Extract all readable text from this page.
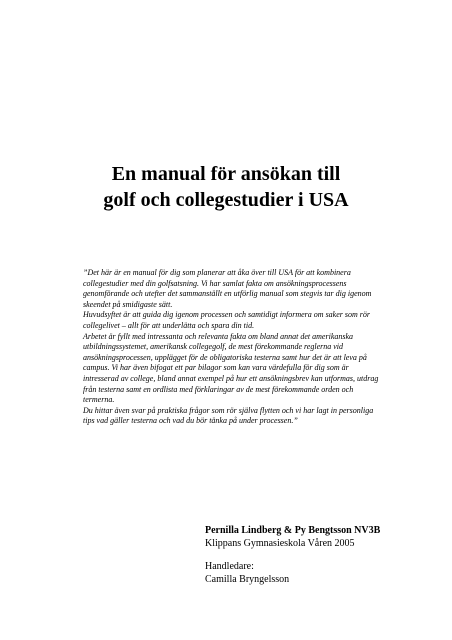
En manual för ansökan till
golf och collegestudier i USA

”Det här är en manual för dig som planerar att åka över till USA för att kombinera

collegestudier med din golfsatsning. Vi har samlat fakta om ansökningsprocessens

genomförande och utefter det sammanställt en utförlig manual som stegvis tar dig igenom

skeendet på smidigaste sätt.

Huvudsyftet är att guida dig igenom processen och samtidigt informera om saker som rör

collegelivet – allt för att underlätta och spara din tid.

Arbetet är fyllt med intressanta och relevanta fakta om bland annat det amerikanska

utbildningssystemet, amerikansk collegegolf, de mest förekommande reglerna vid

ansökningsprocessen, upplägget för de obligatoriska testerna samt hur det är att leva på

campus. Vi har även bifogat ett par bilagor som kan vara värdefulla för dig som är

intresserad av college, bland annat exempel på hur ett ansökningsbrev kan utformas, utdrag

från testerna samt en ordlista med förklaringar av de mest förekommande orden och

termerna.

Du hittar även svar på praktiska frågor som rör själva flytten och vi har lagt in personliga

tips vad gäller testerna och vad du bör tänka på under processen.”

Pernilla Lindberg & Py Bengtsson NV3B
Klippans Gymnasieskola Våren 2005
Handledare:
Camilla Bryngelsson
